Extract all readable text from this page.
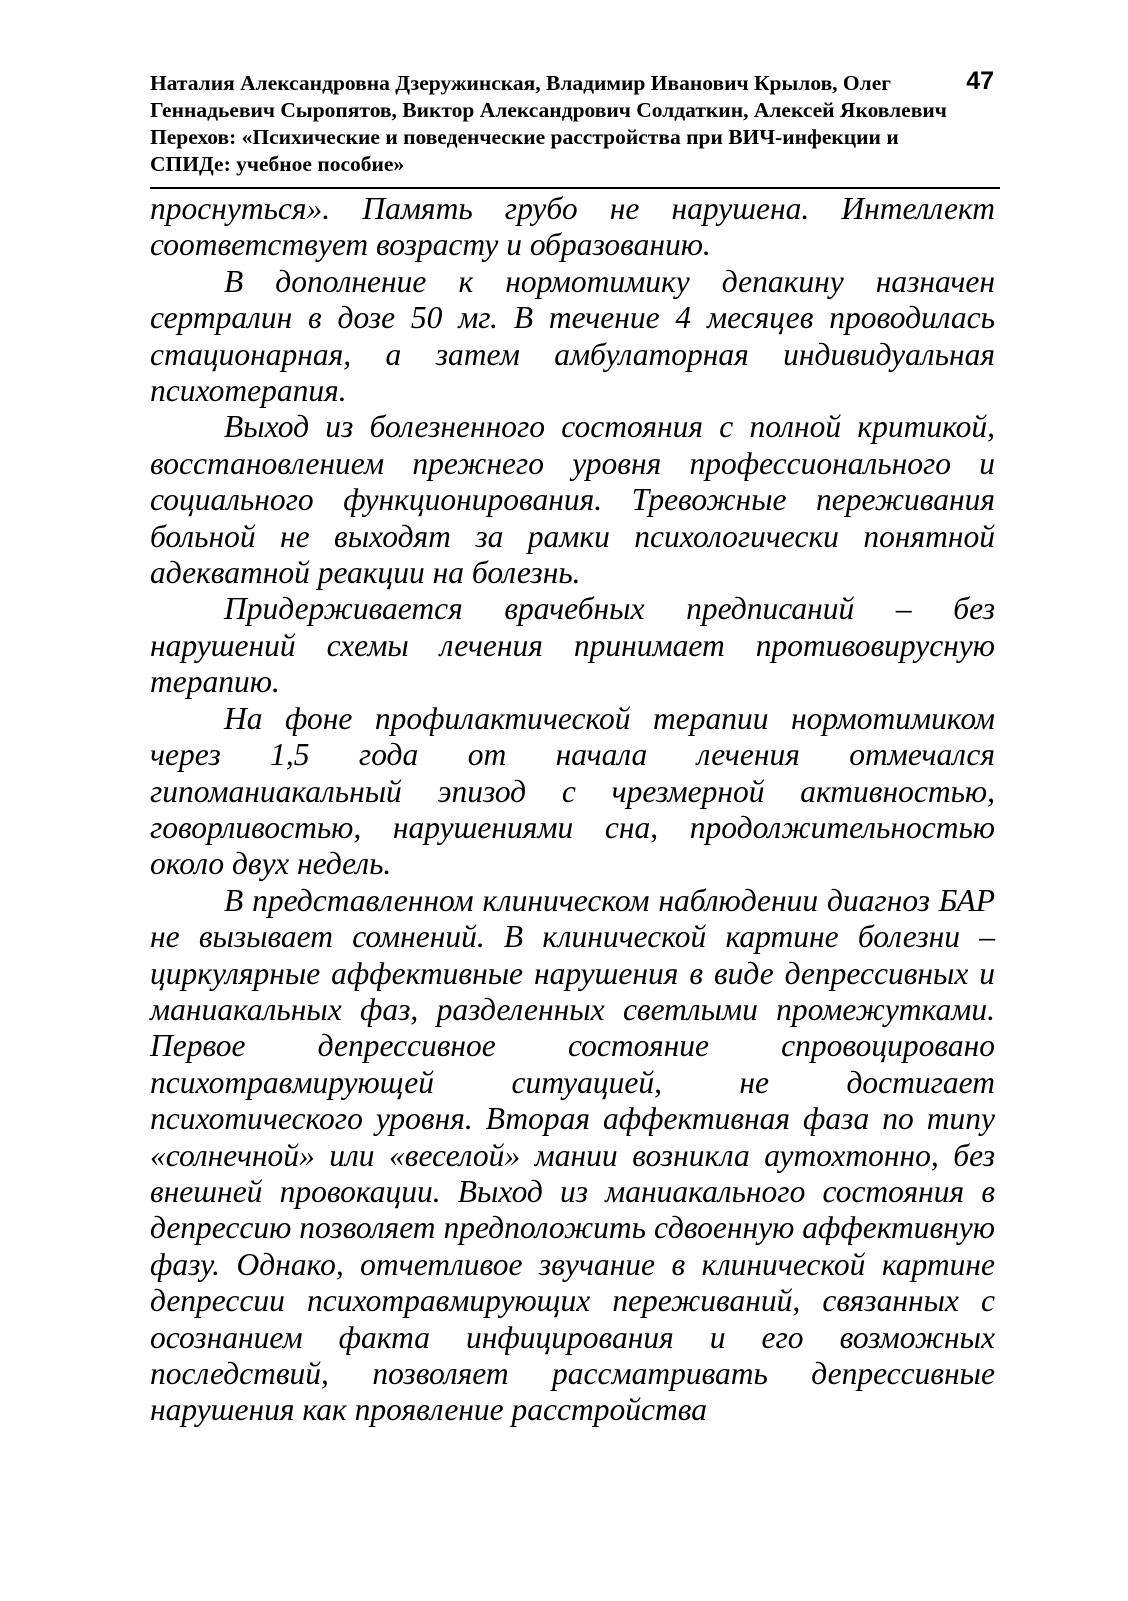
Наталия Александровна Дзеружинская, Владимир Иванович Крылов, Олег Геннадьевич Сыропятов, Виктор Александрович Солдаткин, Алексей Яковлевич Перехов: «Психические и поведенческие расстройства при ВИЧ-инфекции и СПИДе: учебное пособие»
47

проснуться». Память грубо не нарушена. Интеллект соответствует возрасту и образованию.

В дополнение к нормотимику депакину назначен сертралин в дозе 50 мг. В течение 4 месяцев проводилась стационарная, а затем амбулаторная индивидуальная психотерапия.

Выход из болезненного состояния с полной критикой, восстановлением прежнего уровня профессионального и социального функционирования. Тревожные переживания больной не выходят за рамки психологически понятной адекватной реакции на болезнь.

Придерживается врачебных предписаний – без нарушений схемы лечения принимает противовирусную терапию.

На фоне профилактической терапии нормотимиком через 1,5 года от начала лечения отмечался гипоманиакальный эпизод с чрезмерной активностью, говорливостью, нарушениями сна, продолжительностью около двух недель.

В представленном клиническом наблюдении диагноз БАР не вызывает сомнений. В клинической картине болезни – циркулярные аффективные нарушения в виде депрессивных и маниакальных фаз, разделенных светлыми промежутками. Первое депрессивное состояние спровоцировано психотравмирующей ситуацией, не достигает психотического уровня. Вторая аффективная фаза по типу «солнечной» или «веселой» мании возникла аутохтонно, без внешней провокации. Выход из маниакального состояния в депрессию позволяет предположить сдвоенную аффективную фазу. Однако, отчетливое звучание в клинической картине депрессии психотравмирующих переживаний, связанных с осознанием факта инфицирования и его возможных последствий, позволяет рассматривать депрессивные нарушения как проявление расстройства
